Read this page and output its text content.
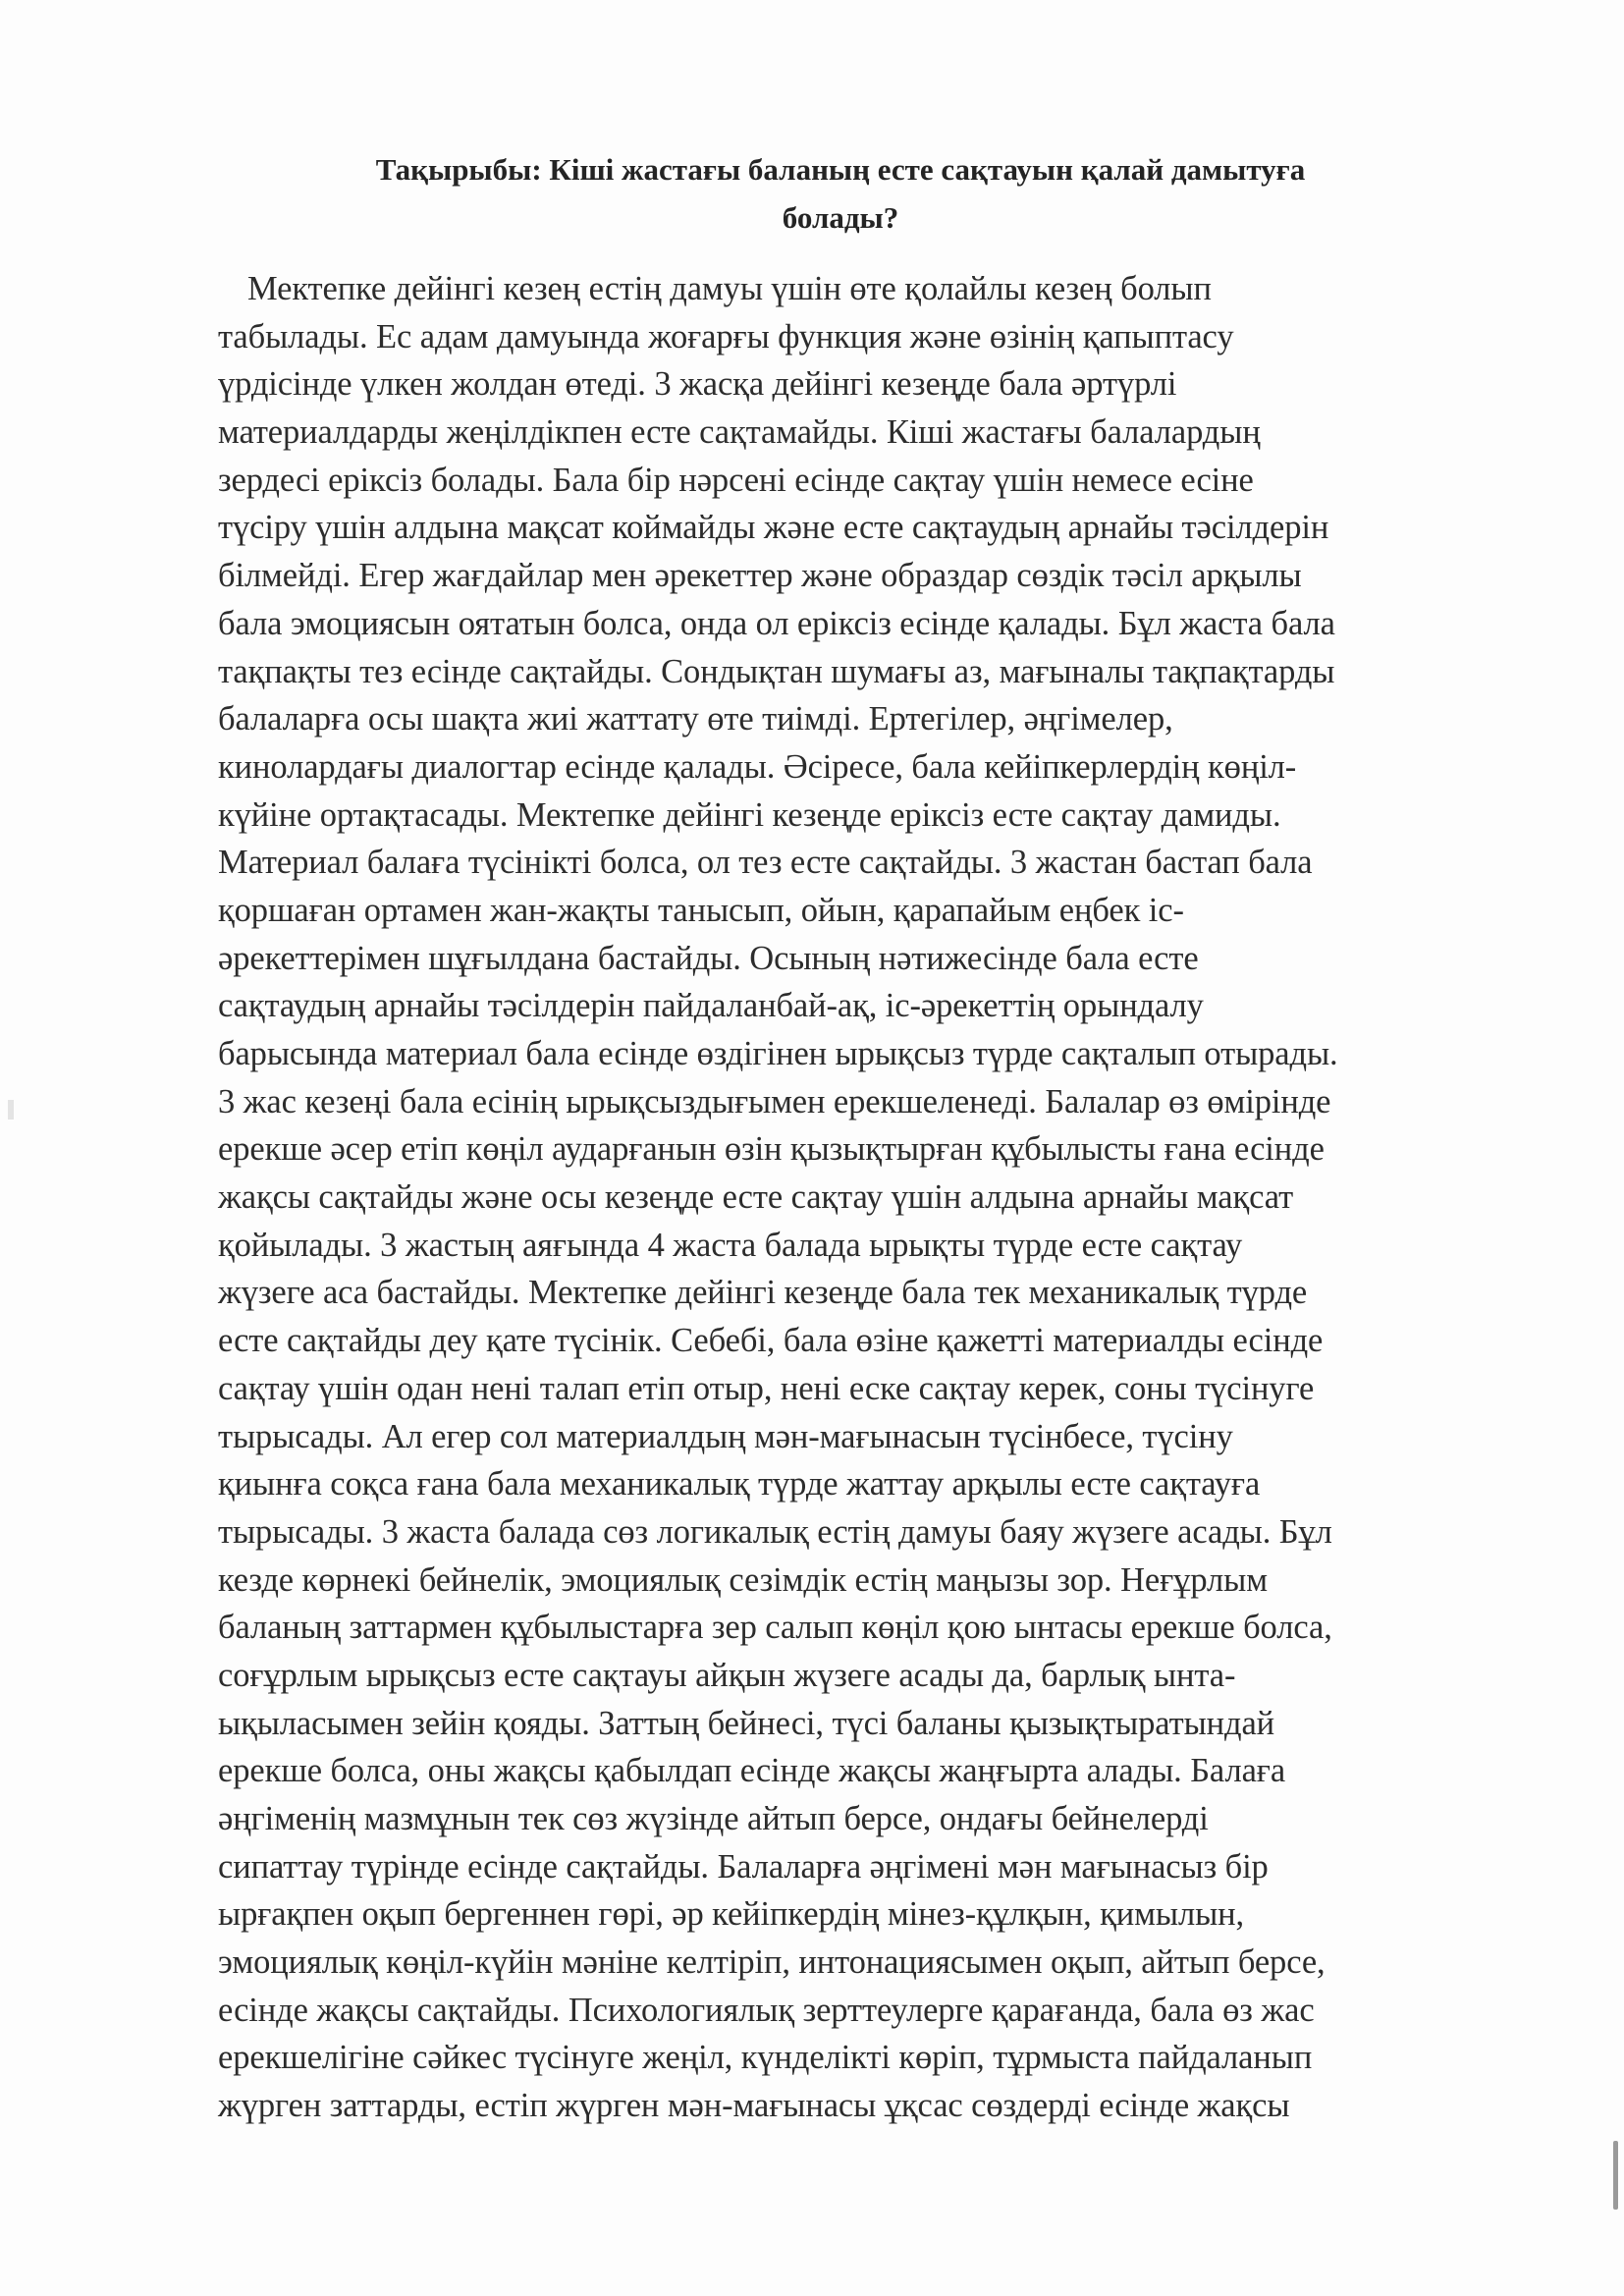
Тақырыбы: Кіші жастағы баланың есте сақтауын қалай дамытуға
болады?
Мектепке дейінгі кезең естің дамуы үшін өте қолайлы кезең болып
табылады. Ес адам дамуында жоғарғы функция және өзінің қапыптасу
үрдісінде үлкен жолдан өтеді. 3 жасқа дейінгі кезеңде бала әртүрлі
материалдарды жеңілдікпен есте сақтамайды. Кіші жастағы балалардың
зердесі еріксіз болады. Бала бір нәрсені есінде сақтау үшін немесе есіне
түсіру үшін алдына мақсат коймайды және есте сақтаудың арнайы тәсілдерін
білмейді. Егер жағдайлар мен әрекеттер және образдар сөздік тәсіл арқылы
бала эмоциясын оятатын болса, онда ол еріксіз есінде қалады. Бұл жаста бала
тақпақты тез есінде сақтайды. Сондықтан шумағы аз, мағыналы тақпақтарды
балаларға осы шақта жиі жаттату өте тиімді. Ертегілер, әңгімелер,
кинолардағы диалогтар есінде қалады. Әсіресе, бала кейіпкерлердің көңіл-
күйіне ортақтасады. Мектепке дейінгі кезеңде еріксіз есте сақтау дамиды.
Материал балаға түсінікті болса, ол тез есте сақтайды. 3 жастан бастап бала
қоршаған ортамен жан-жақты танысып, ойын, қарапайым еңбек іс-
әрекеттерімен шұғылдана бастайды. Осының нәтижесінде бала есте
сақтаудың арнайы тәсілдерін пайдаланбай-ақ, іс-әрекеттің орындалу
барысында материал бала есінде өздігінен ырықсыз түрде сақталып отырады.
3 жас кезеңі бала есінің ырықсыздығымен ерекшеленеді. Балалар өз өмірінде
ерекше әсер етіп көңіл аударғанын өзін қызықтырған құбылысты ғана есінде
жақсы сақтайды және осы кезеңде есте сақтау үшін алдына арнайы мақсат
қойылады. 3 жастың аяғында 4 жаста балада ырықты түрде есте сақтау
жүзеге аса бастайды. Мектепке дейінгі кезеңде бала тек механикалық түрде
есте сақтайды деу қате түсінік. Себебі, бала өзіне қажетті материалды есінде
сақтау үшін одан нені талап етіп отыр, нені еске сақтау керек, соны түсінуге
тырысады. Ал егер сол материалдың мән-мағынасын түсінбесе, түсіну
қиынға соқса ғана бала механикалық түрде жаттау арқылы есте сақтауға
тырысады. 3 жаста балада сөз логикалық естің дамуы баяу жүзеге асады. Бұл
кезде көрнекі бейнелік, эмоциялық сезімдік естің маңызы зор. Неғұрлым
баланың заттармен құбылыстарға зер салып көңіл қою ынтасы ерекше болса,
соғұрлым ырықсыз есте сақтауы айқын жүзеге асады да, барлық ынта-
ықыласымен зейін қояды. Заттың бейнесі, түсі баланы қызықтыратындай
ерекше болса, оны жақсы қабылдап есінде жақсы жаңғырта алады. Балаға
әңгіменің мазмұнын тек сөз жүзінде айтып берсе, ондағы бейнелерді
сипаттау түрінде есінде сақтайды. Балаларға әңгімені мән мағынасыз бір
ырғақпен оқып бергеннен гөрі, әр кейіпкердің мінез-құлқын, қимылын,
эмоциялық көңіл-күйін мәніне келтіріп, интонациясымен оқып, айтып берсе,
есінде жақсы сақтайды. Психологиялық зерттеулерге қарағанда, бала өз жас
ерекшелігіне сәйкес түсінуге жеңіл, күнделікті көріп, тұрмыста пайдаланып
жүрген заттарды, естіп жүрген мән-мағынасы ұқсас сөздерді есінде жақсы
